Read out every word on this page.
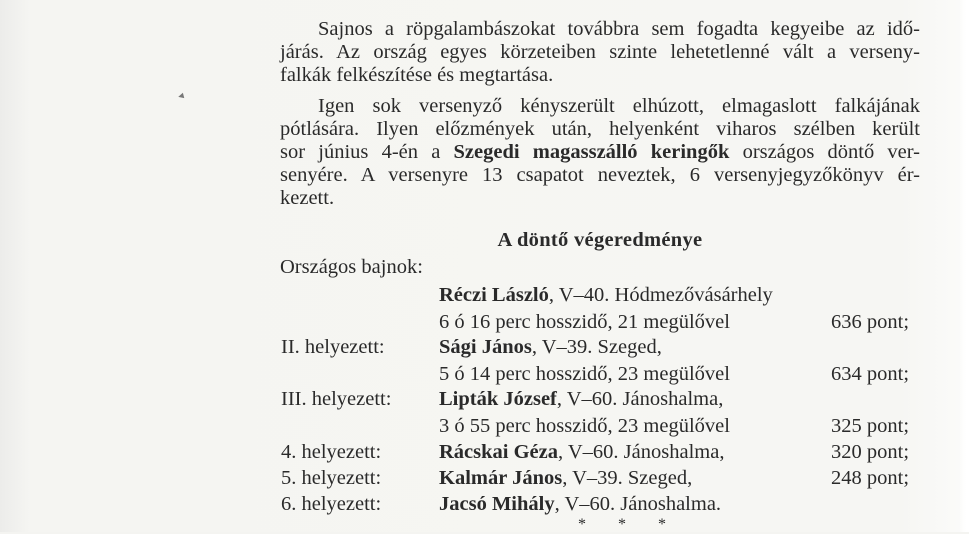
◂
Sajnos a röpgalambászokat továbbra sem fogadta kegyeibe az idő-
járás. Az ország egyes körzeteiben szinte lehetetlenné vált a verseny-
falkák felkészítése és megtartása.
Igen sok versenyző kényszerült elhúzott, elmagaslott falkájának
pótlására. Ilyen előzmények után, helyenként viharos szélben került
sor június 4-én a Szegedi magasszálló keringők országos döntő ver-
senyére. A versenyre 13 csapatot neveztek, 6 versenyjegyzőkönyv ér-
kezett.
A döntő végeredménye
Országos bajnok:
Réczi László, V–40. Hódmezővásárhely
6 ó 16 perc hosszidő, 21 megülővel	636 pont;
II. helyezett:	Sági János, V–39. Szeged,
5 ó 14 perc hosszidő, 23 megülővel	634 pont;
III. helyezett: Lipták József, V–60. Jánoshalma,
3 ó 55 perc hosszidő, 23 megülővel	325 pont;
4. helyezett:	Rácskai Géza, V–60. Jánoshalma,	320 pont;
5. helyezett:	Kalmár János, V–39. Szeged,	248 pont;
6. helyezett:	Jacsó Mihály, V–60. Jánoshalma.
* * *
